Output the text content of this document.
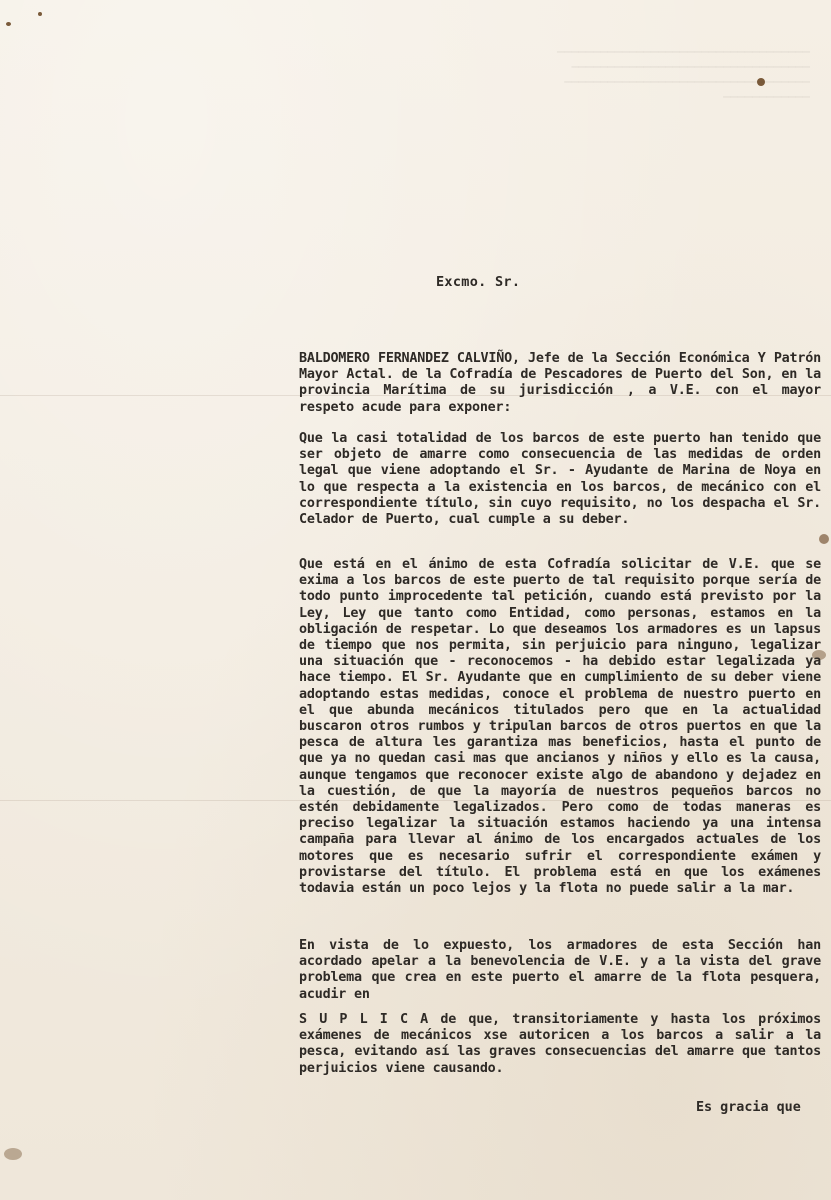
───────────────────────────────────
─────────────────────────────────
──────────────────────────────────
────────────

Excmo. Sr.
BALDOMERO FERNANDEZ CALVIÑO, Jefe de la Sección Económica Y Patrón Mayor Actal. de la Cofradía de Pescadores de Puerto del Son, en la provincia Marítima de su jurisdicción , a V.E. con el mayor respeto acude para exponer:
Que la casi totalidad de los barcos de este puerto han tenido que ser objeto de amarre como consecuencia de las medidas de orden legal que viene adoptando el Sr. - Ayudante de Marina de Noya en lo que respecta a la existencia en los barcos, de mecánico con el correspondiente título, sin cuyo requisito, no los despacha el Sr. Celador de Puerto, cual cumple a su deber.
Que está en el ánimo de esta Cofradía solicitar de V.E. que se exima a los barcos de este puerto de tal requisito porque sería de todo punto improcedente tal petición, cuando está previsto por la Ley, Ley que tanto como Entidad, como personas, estamos en la obligación de respetar. Lo que deseamos los armadores es un lapsus de tiempo que nos permita, sin perjuicio para ninguno, legalizar una situación que - reconocemos - ha debido estar legalizada ya hace tiempo. El Sr. Ayudante que en cumplimiento de su deber viene adoptando estas medidas, conoce el problema de nuestro puerto en el que abunda mecánicos titulados pero que en la actualidad buscaron otros rumbos y tripulan barcos de otros puertos en que la pesca de altura les garantiza mas beneficios, hasta el punto de que ya no quedan casi mas que ancianos y niños y ello es la causa, aunque tengamos que reconocer existe algo de abandono y dejadez en la cuestión, de que la mayoría de nuestros pequeños barcos no estén debidamente legalizados. Pero como de todas maneras es preciso legalizar la situación estamos haciendo ya una intensa campaña para llevar al ánimo de los encargados actuales de los motores que es necesario sufrir el correspondiente exámen y provistarse del título. El problema está en que los exámenes todavia están un poco lejos y la flota no puede salir a la mar.
En vista de lo expuesto, los armadores de esta Sección han acordado apelar a la benevolencia de V.E. y a la vista del grave problema que crea en este puerto el amarre de la flota pesquera, acudir en
S U P L I C A de que, transitoriamente y hasta los próximos exámenes de mecánicos xse autoricen a los barcos a salir a la pesca, evitando así las graves consecuencias del amarre que tantos perjuicios viene causando.
Es gracia que
